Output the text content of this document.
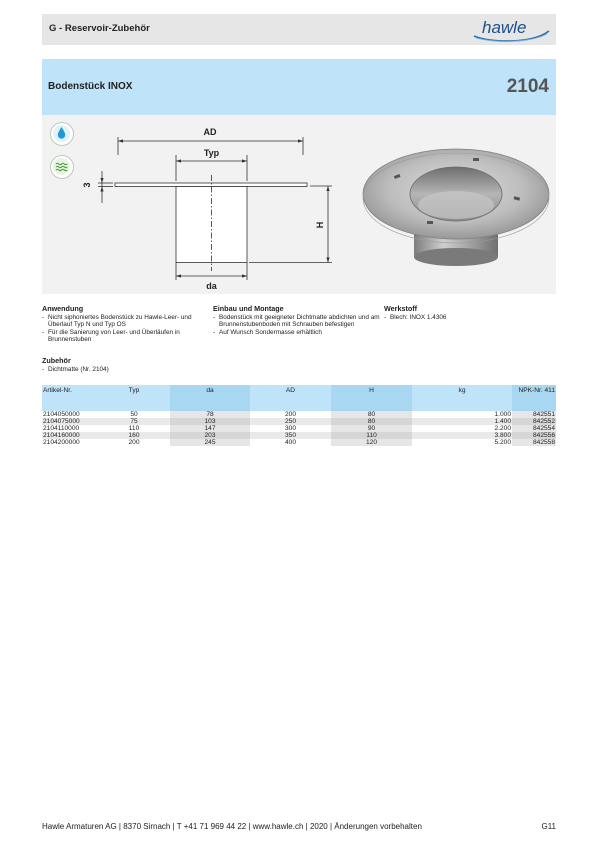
G - Reservoir-Zubehör	hawle
Bodenstück INOX	2104
AD
Typ
da
H
3
Anwendung
- Nicht siphoniertes Bodenstück zu Hawle-Leer- und Überlauf Typ N und Typ OS
- Für die Sanierung von Leer- und Überläufen in Brunnenstuben
Einbau und Montage
- Bodenstück mit geeigneter Dichtmatte abdichten und am Brunnenstubenboden mit Schrauben befestigen
- Auf Wunsch Sondermasse erhältlich
Werkstoff
- Blech: INOX 1.4306
Zubehör
- Dichtmatte (Nr. 2104)
Artikel-Nr.	Typ	da	AD	H	kg	NPK-Nr. 411
2104050000	50	78	200	80	1.000	842551
2104075000	75	103	250	80	1.400	842552
2104110000	110	147	300	90	2.200	842554
2104160000	160	203	350	110	3.800	842556
2104200000	200	245	400	120	5.200	842558
Hawle Armaturen AG | 8370 Sirnach | T +41 71 969 44 22 | www.hawle.ch | 2020 | Änderungen vorbehalten	G11
